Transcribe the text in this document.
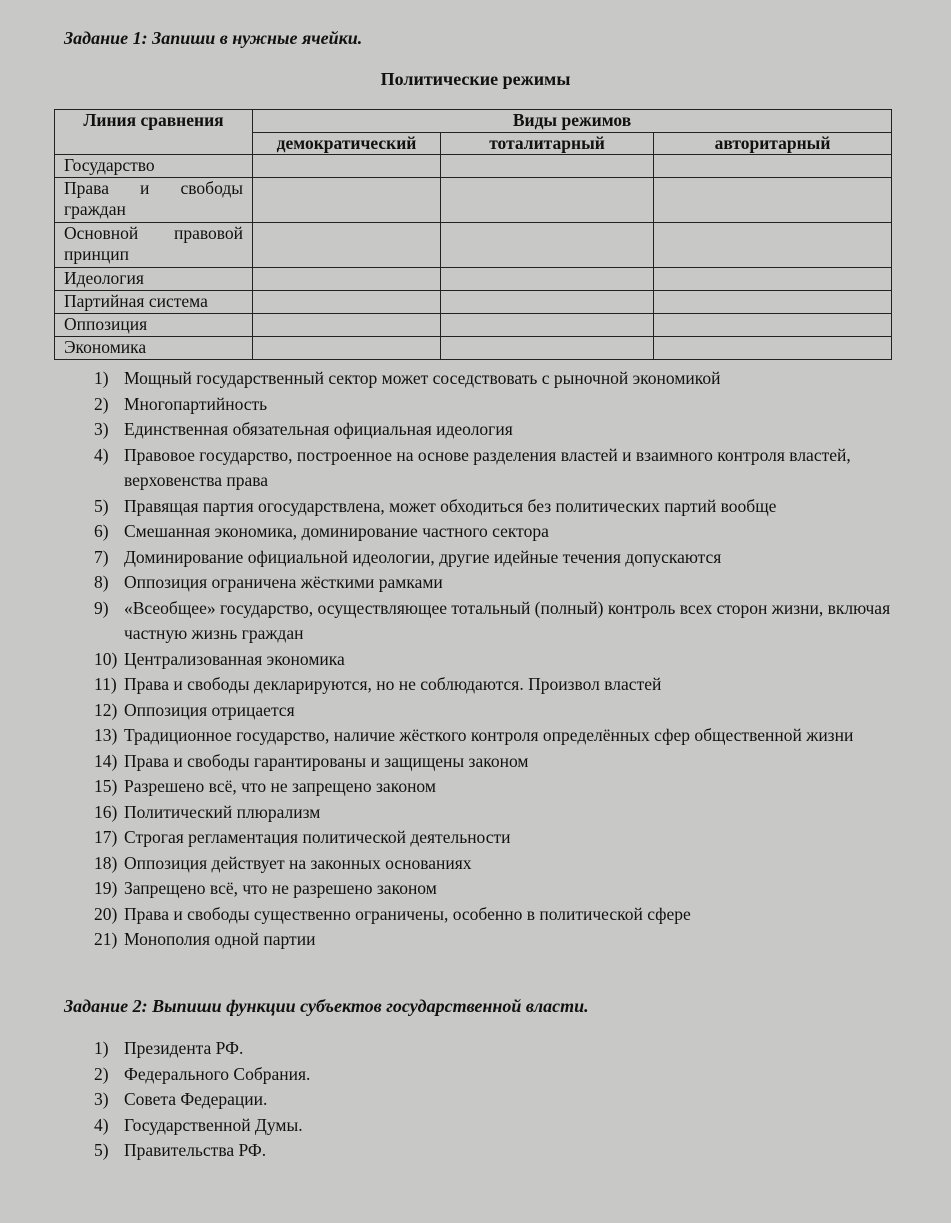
Задание 1: Запиши в нужные ячейки.
Политические режимы
Линия сравнения	Виды режимов		
	демократический	тоталитарный	авторитарный
Государство			
Права и свободы граждан			
Основной правовой принцип			
Идеология			
Партийная система			
Оппозиция			
Экономика			
1) Мощный государственный сектор может соседствовать с рыночной экономикой
2) Многопартийность
3) Единственная обязательная официальная идеология
4) Правовое государство, построенное на основе разделения властей и взаимного контроля властей, верховенства права
5) Правящая партия огосударствлена, может обходиться без политических партий вообще
6) Смешанная экономика, доминирование частного сектора
7) Доминирование официальной идеологии, другие идейные течения допускаются
8) Оппозиция ограничена жёсткими рамками
9) «Всеобщее» государство, осуществляющее тотальный (полный) контроль всех сторон жизни, включая частную жизнь граждан
10) Централизованная экономика
11) Права и свободы декларируются, но не соблюдаются. Произвол властей
12) Оппозиция отрицается
13) Традиционное государство, наличие жёсткого контроля определённых сфер общественной жизни
14) Права и свободы гарантированы и защищены законом
15) Разрешено всё, что не запрещено законом
16) Политический плюрализм
17) Строгая регламентация политической деятельности
18) Оппозиция действует на законных основаниях
19) Запрещено всё, что не разрешено законом
20) Права и свободы существенно ограничены, особенно в политической сфере
21) Монополия одной партии
Задание 2: Выпиши функции субъектов государственной власти.
1) Президента РФ.
2) Федерального Собрания.
3) Совета Федерации.
4) Государственной Думы.
5) Правительства РФ.
